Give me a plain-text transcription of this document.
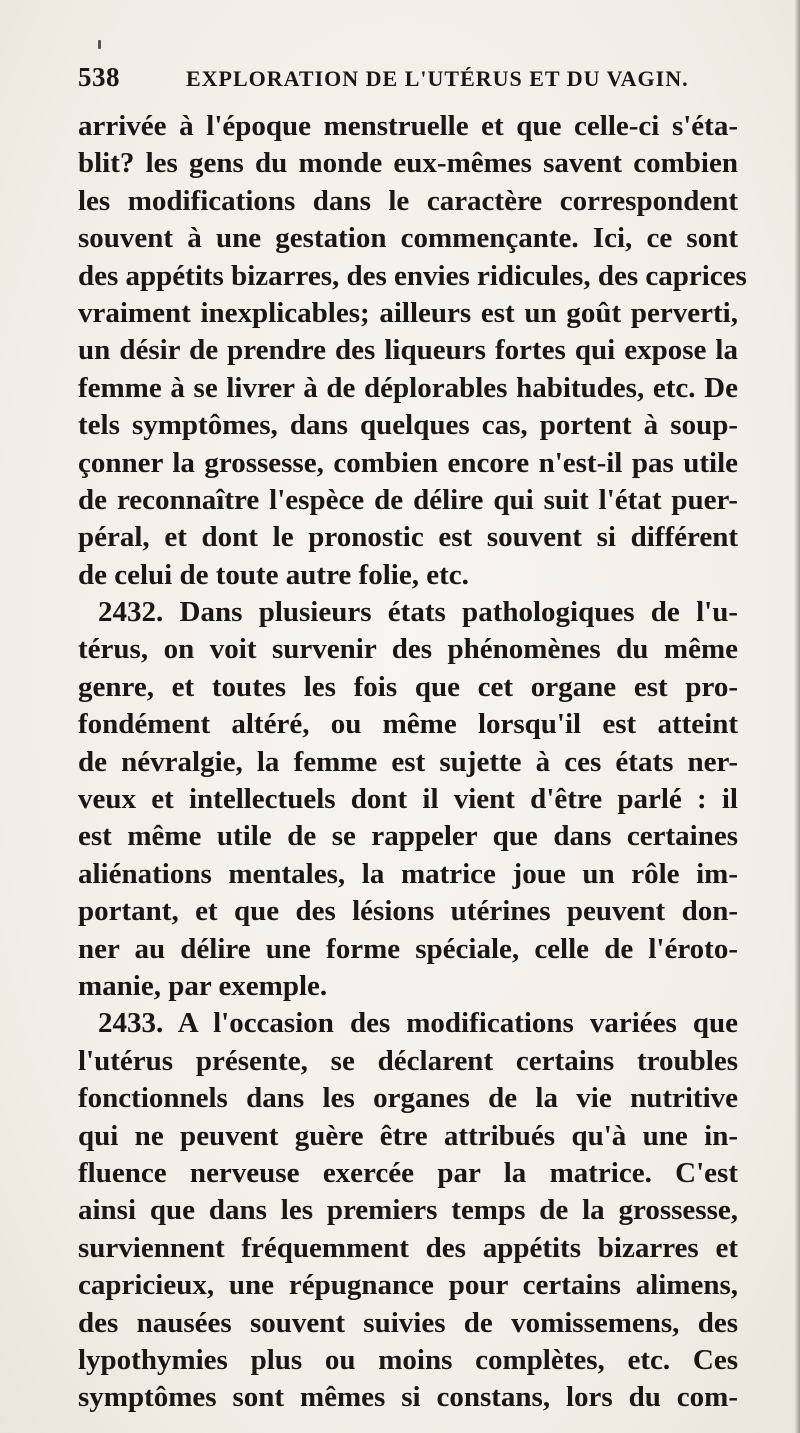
538	EXPLORATION DE L'UTÉRUS ET DU VAGIN.
arrivée à l'époque menstruelle et que celle-ci s'éta-
blit? les gens du monde eux-mêmes savent combien
les modifications dans le caractère correspondent
souvent à une gestation commençante. Ici, ce sont
des appétits bizarres, des envies ridicules, des caprices
vraiment inexplicables; ailleurs est un goût perverti,
un désir de prendre des liqueurs fortes qui expose la
femme à se livrer à de déplorables habitudes, etc. De
tels symptômes, dans quelques cas, portent à soup-
çonner la grossesse, combien encore n'est-il pas utile
de reconnaître l'espèce de délire qui suit l'état puer-
péral, et dont le pronostic est souvent si différent
de celui de toute autre folie, etc.
2432. Dans plusieurs états pathologiques de l'u-
térus, on voit survenir des phénomènes du même
genre, et toutes les fois que cet organe est pro-
fondément altéré, ou même lorsqu'il est atteint
de névralgie, la femme est sujette à ces états ner-
veux et intellectuels dont il vient d'être parlé : il
est même utile de se rappeler que dans certaines
aliénations mentales, la matrice joue un rôle im-
portant, et que des lésions utérines peuvent don-
ner au délire une forme spéciale, celle de l'éroto-
manie, par exemple.
2433. A l'occasion des modifications variées que
l'utérus présente, se déclarent certains troubles
fonctionnels dans les organes de la vie nutritive
qui ne peuvent guère être attribués qu'à une in-
fluence nerveuse exercée par la matrice. C'est
ainsi que dans les premiers temps de la grossesse,
surviennent fréquemment des appétits bizarres et
capricieux, une répugnance pour certains alimens,
des nausées souvent suivies de vomissemens, des
lypothymies plus ou moins complètes, etc. Ces
symptômes sont mêmes si constans, lors du com-
